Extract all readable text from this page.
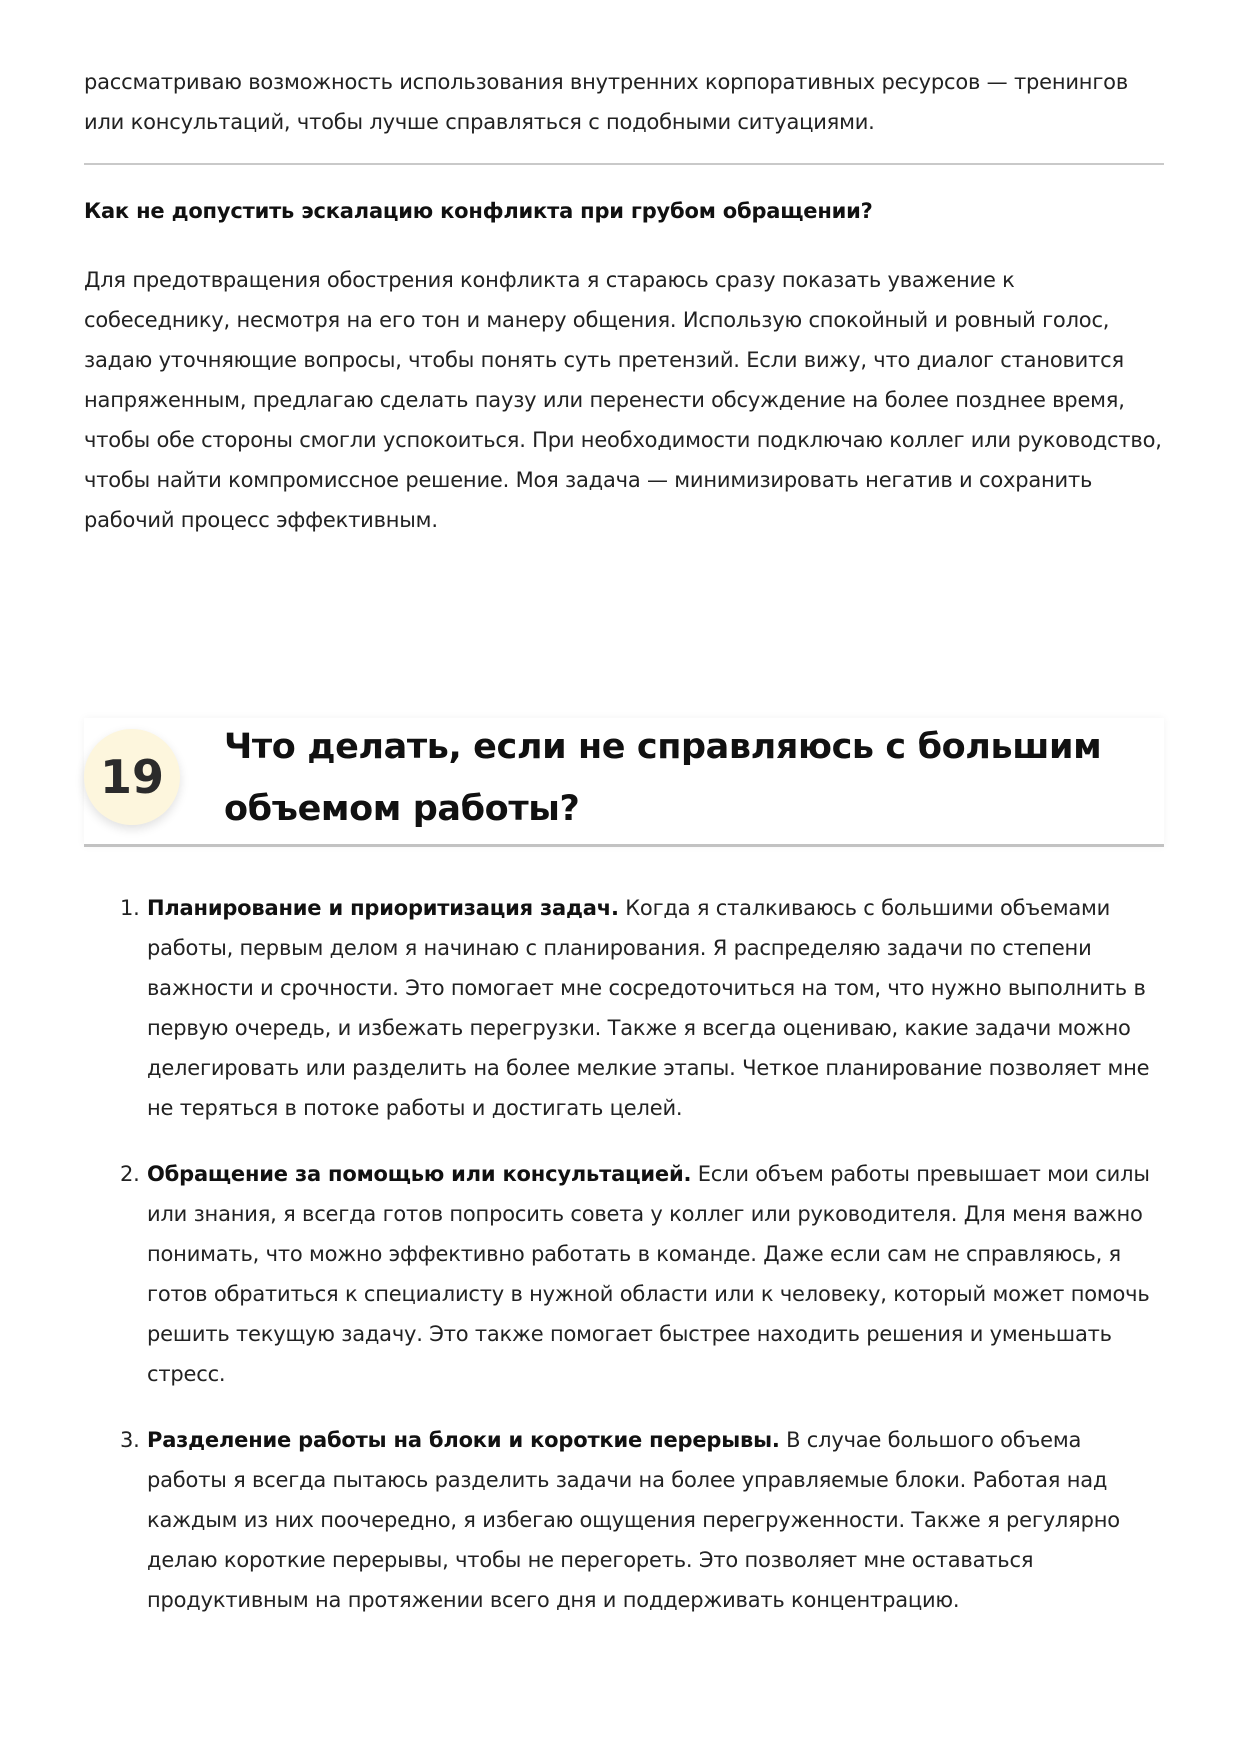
рассматриваю возможность использования внутренних корпоративных ресурсов — тренингов или консультаций, чтобы лучше справляться с подобными ситуациями.

Как не допустить эскалацию конфликта при грубом обращении?

Для предотвращения обострения конфликта я стараюсь сразу показать уважение к собеседнику, несмотря на его тон и манеру общения. Использую спокойный и ровный голос, задаю уточняющие вопросы, чтобы понять суть претензий. Если вижу, что диалог становится напряженным, предлагаю сделать паузу или перенести обсуждение на более позднее время, чтобы обе стороны смогли успокоиться. При необходимости подключаю коллег или руководство, чтобы найти компромиссное решение. Моя задача — минимизировать негатив и сохранить рабочий процесс эффективным.

19
Что делать, если не справляюсь с большим объемом работы?
1. Планирование и приоритизация задач. Когда я сталкиваюсь с большими объемами работы, первым делом я начинаю с планирования. Я распределяю задачи по степени важности и срочности. Это помогает мне сосредоточиться на том, что нужно выполнить в первую очередь, и избежать перегрузки. Также я всегда оцениваю, какие задачи можно делегировать или разделить на более мелкие этапы. Четкое планирование позволяет мне не теряться в потоке работы и достигать целей.
2. Обращение за помощью или консультацией. Если объем работы превышает мои силы или знания, я всегда готов попросить совета у коллег или руководителя. Для меня важно понимать, что можно эффективно работать в команде. Даже если сам не справляюсь, я готов обратиться к специалисту в нужной области или к человеку, который может помочь решить текущую задачу. Это также помогает быстрее находить решения и уменьшать стресс.
3. Разделение работы на блоки и короткие перерывы. В случае большого объема работы я всегда пытаюсь разделить задачи на более управляемые блоки. Работая над каждым из них поочередно, я избегаю ощущения перегруженности. Также я регулярно делаю короткие перерывы, чтобы не перегореть. Это позволяет мне оставаться продуктивным на протяжении всего дня и поддерживать концентрацию.
